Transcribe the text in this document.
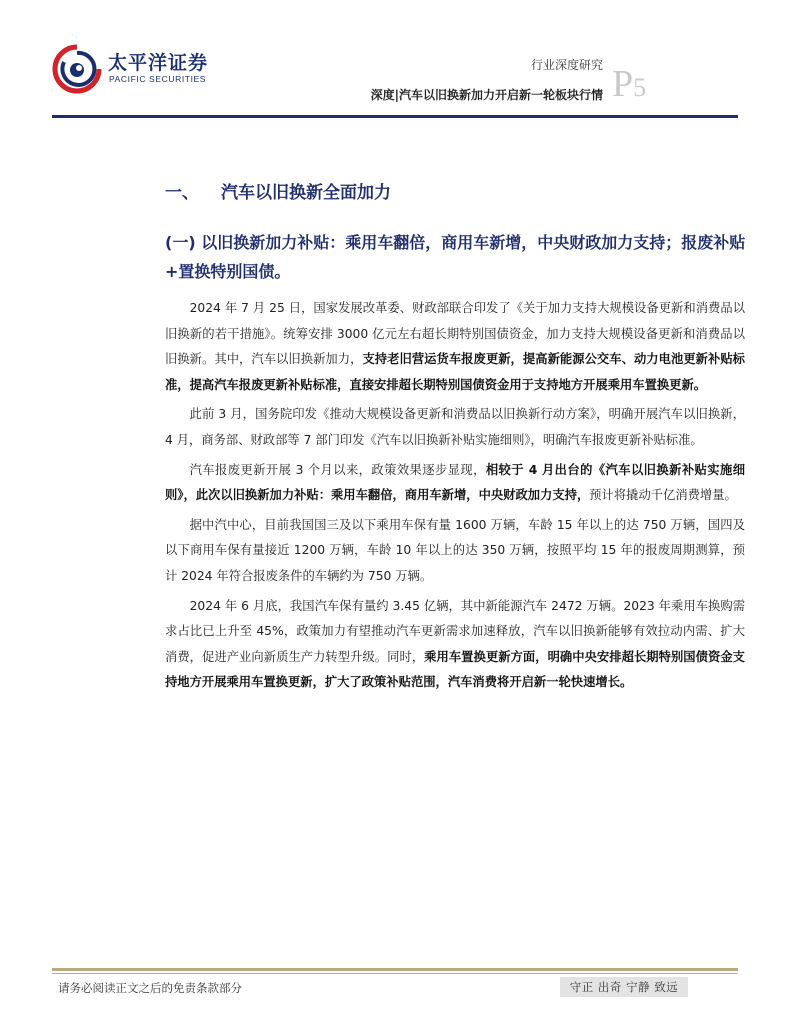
太平洋证券
PACIFIC SECURITIES
行业深度研究
深度|汽车以旧换新加力开启新一轮板块行情 P5
一、 汽车以旧换新全面加力
(一) 以旧换新加力补贴：乘用车翻倍，商用车新增，中央财政加力支持；报废补贴+置换特别国债。

2024 年 7 月 25 日，国家发展改革委、财政部联合印发了《关于加力支持大规模设备更新和消费品以旧换新的若干措施》。统筹安排 3000 亿元左右超长期特别国债资金，加力支持大规模设备更新和消费品以旧换新。其中，汽车以旧换新加力，支持老旧营运货车报废更新，提高新能源公交车、动力电池更新补贴标准，提高汽车报废更新补贴标准，直接安排超长期特别国债资金用于支持地方开展乘用车置换更新。

此前 3 月，国务院印发《推动大规模设备更新和消费品以旧换新行动方案》，明确开展汽车以旧换新，4 月，商务部、财政部等 7 部门印发《汽车以旧换新补贴实施细则》，明确汽车报废更新补贴标准。

汽车报废更新开展 3 个月以来，政策效果逐步显现，相较于 4 月出台的《汽车以旧换新补贴实施细则》，此次以旧换新加力补贴：乘用车翻倍，商用车新增，中央财政加力支持，预计将撬动千亿消费增量。

据中汽中心，目前我国国三及以下乘用车保有量 1600 万辆，车龄 15 年以上的达 750 万辆，国四及以下商用车保有量接近 1200 万辆，车龄 10 年以上的达 350 万辆，按照平均 15 年的报废周期测算，预计 2024 年符合报废条件的车辆约为 750 万辆。

2024 年 6 月底，我国汽车保有量约 3.45 亿辆，其中新能源汽车 2472 万辆。2023 年乘用车换购需求占比已上升至 45%，政策加力有望推动汽车更新需求加速释放，汽车以旧换新能够有效拉动内需、扩大消费，促进产业向新质生产力转型升级。同时，乘用车置换更新方面，明确中央安排超长期特别国债资金支持地方开展乘用车置换更新，扩大了政策补贴范围，汽车消费将开启新一轮快速增长。

请务必阅读正文之后的免责条款部分	守正 出奇 宁静 致远
